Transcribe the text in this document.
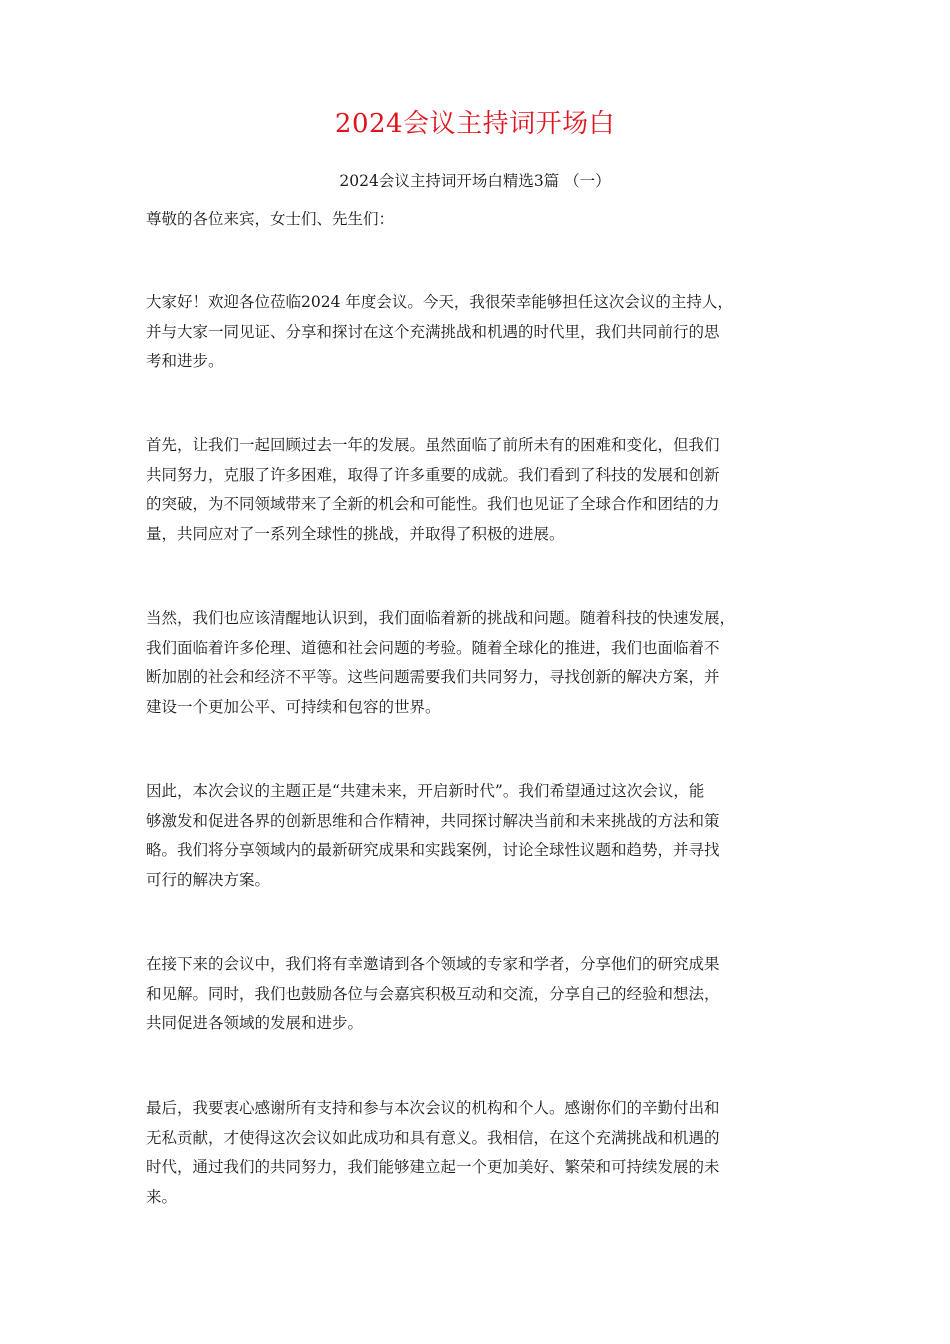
2024会议主持词开场白
2024会议主持词开场白精选3篇 （一）
尊敬的各位来宾，女士们、先生们：
大家好！欢迎各位莅临2024 年度会议。今天，我很荣幸能够担任这次会议的主持人，
并与大家一同见证、分享和探讨在这个充满挑战和机遇的时代里，我们共同前行的思
考和进步。
首先，让我们一起回顾过去一年的发展。虽然面临了前所未有的困难和变化，但我们
共同努力，克服了许多困难，取得了许多重要的成就。我们看到了科技的发展和创新
的突破，为不同领域带来了全新的机会和可能性。我们也见证了全球合作和团结的力
量，共同应对了一系列全球性的挑战，并取得了积极的进展。
当然，我们也应该清醒地认识到，我们面临着新的挑战和问题。随着科技的快速发展，
我们面临着许多伦理、道德和社会问题的考验。随着全球化的推进，我们也面临着不
断加剧的社会和经济不平等。这些问题需要我们共同努力，寻找创新的解决方案，并
建设一个更加公平、可持续和包容的世界。
因此，本次会议的主题正是“共建未来，开启新时代”。我们希望通过这次会议，能
够激发和促进各界的创新思维和合作精神，共同探讨解决当前和未来挑战的方法和策
略。我们将分享领域内的最新研究成果和实践案例，讨论全球性议题和趋势，并寻找
可行的解决方案。
在接下来的会议中，我们将有幸邀请到各个领域的专家和学者，分享他们的研究成果
和见解。同时，我们也鼓励各位与会嘉宾积极互动和交流，分享自己的经验和想法，
共同促进各领域的发展和进步。
最后，我要衷心感谢所有支持和参与本次会议的机构和个人。感谢你们的辛勤付出和
无私贡献，才使得这次会议如此成功和具有意义。我相信，在这个充满挑战和机遇的
时代，通过我们的共同努力，我们能够建立起一个更加美好、繁荣和可持续发展的未
来。
